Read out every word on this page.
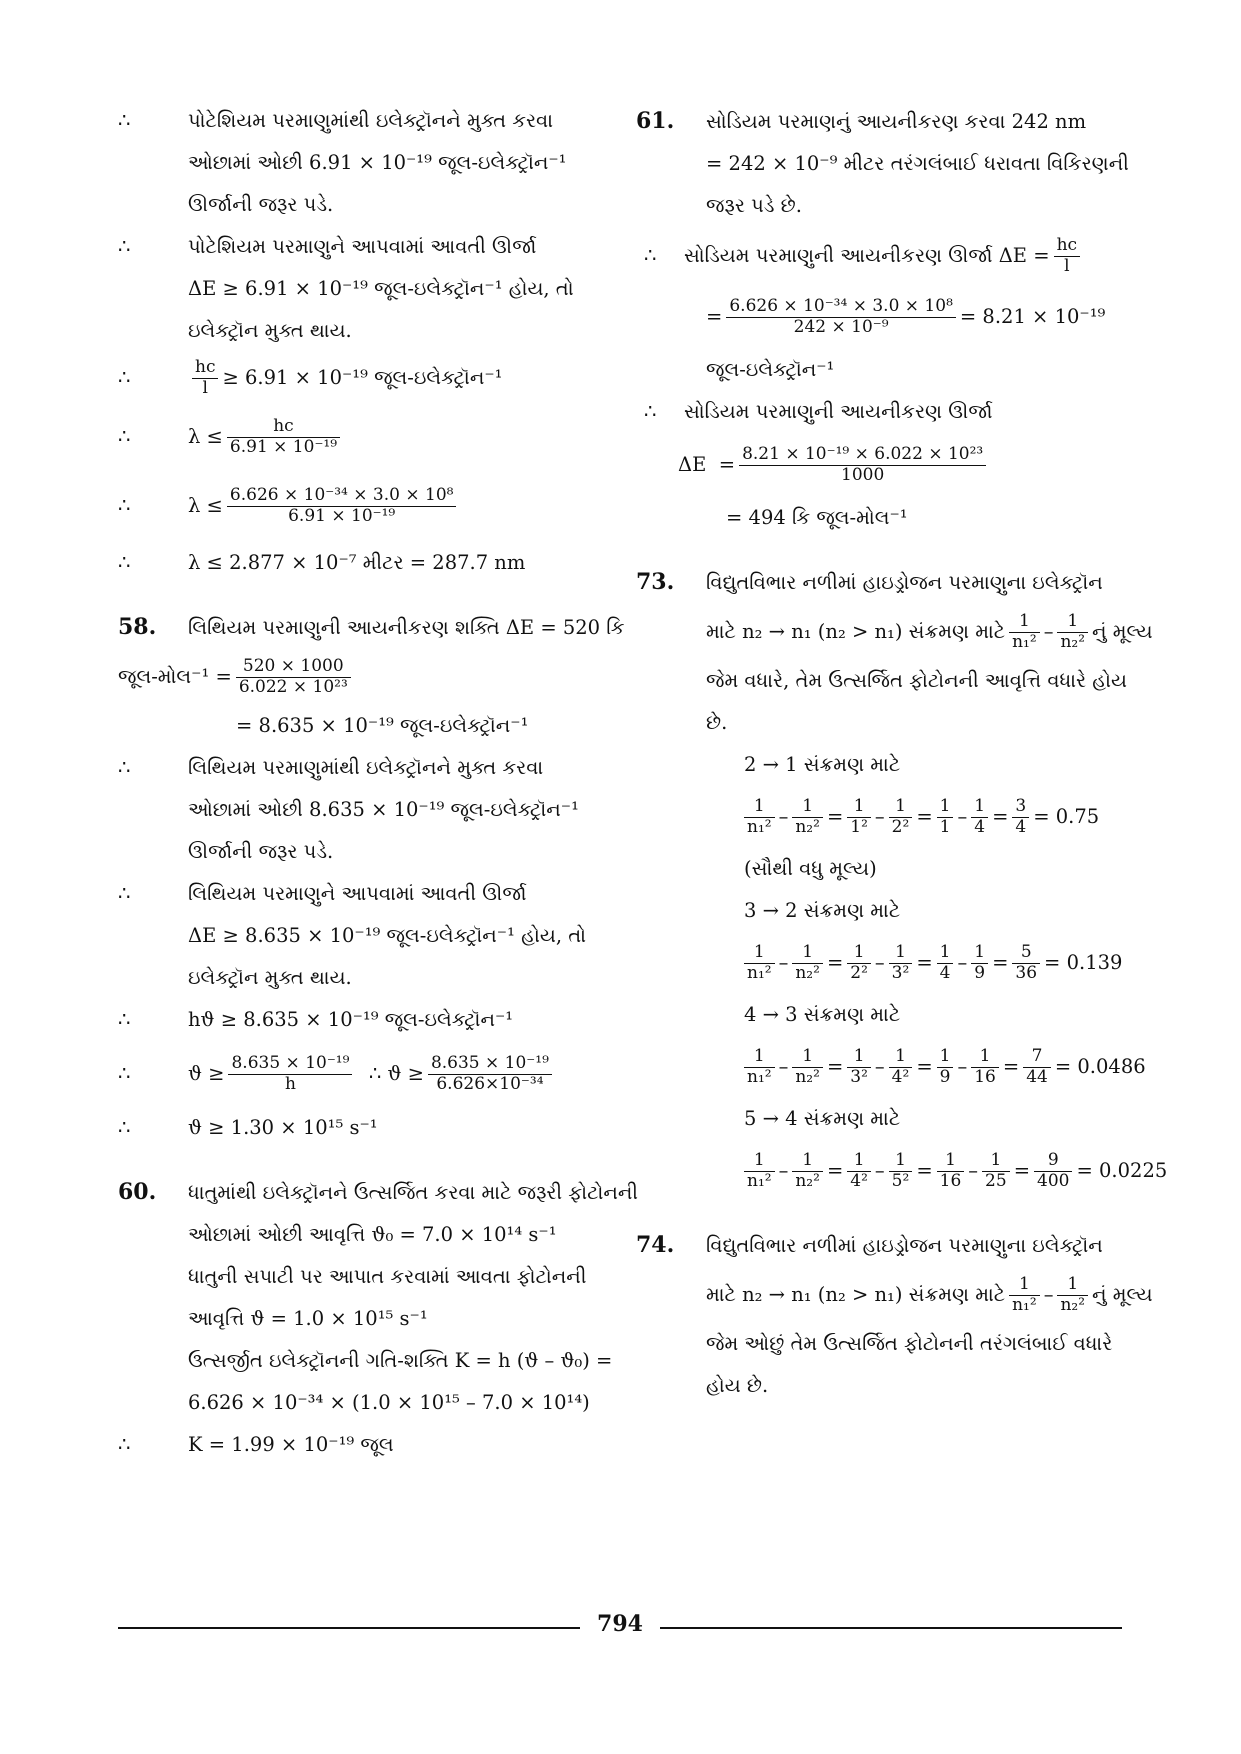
∴	પોટેશિયમ પરમાણુમાંથી ઇલેક્ટ્રૉનને મુક્ત કરવા
ઓછામાં ઓછી 6.91 × 10⁻¹⁹ જૂલ-ઇલેક્ટ્રૉન⁻¹
ઊર્જાની જરૂર પડે.
∴	પોટેશિયમ પરમાણુને આપવામાં આવતી ઊર્જા
ΔE ≥ 6.91 × 10⁻¹⁹ જૂલ-ઇલેક્ટ્રૉન⁻¹ હોય, તો
ઇલેક્ટ્રૉન મુક્ત થાય.
∴	$\frac{hc}{l} \ge 6.91 \times 10^{-19}$ જૂલ-ઇલેક્ટ્રૉન⁻¹
∴	$\lambda \le \frac{hc}{\text{6.91 × 10⁻¹⁹}}$
∴	$\lambda \le \frac{\text{6.626 × 10⁻³⁴ × 3.0 × 10⁸}}{\text{6.91 × 10⁻¹⁹}}$
∴	λ ≤ 2.877 × 10⁻⁷ મીટર = 287.7 nm
58. લિથિયમ પરમાણુની આયનીકરણ શક્તિ ΔE = 520 કિ
જૂલ-મોલ⁻¹ = $\frac{520 \times 1000}{\text{6.022 × 10²³}}$
= 8.635 × 10⁻¹⁹ જૂલ-ઇલેક્ટ્રૉન⁻¹
∴	લિથિયમ પરમાણુમાંથી ઇલેક્ટ્રૉનને મુક્ત કરવા
ઓછામાં ઓછી 8.635 × 10⁻¹⁹ જૂલ-ઇલેક્ટ્રૉન⁻¹
ઊર્જાની જરૂર પડે.
∴	લિથિયમ પરમાણુને આપવામાં આવતી ઊર્જા
ΔE ≥ 8.635 × 10⁻¹⁹ જૂલ-ઇલેક્ટ્રૉન⁻¹ હોય, તો
ઇલેક્ટ્રૉન મુક્ત થાય.
∴	hϑ ≥ 8.635 × 10⁻¹⁹ જૂલ-ઇલેક્ટ્રૉન⁻¹
∴	$ϑ \ge \frac{\text{8.635 × 10⁻¹⁹}}{h}$ ∴ $ϑ \ge \frac{\text{8.635 × 10⁻¹⁹}}{\text{6.626×10⁻³⁴}}$
∴	ϑ ≥ 1.30 × 10¹⁵ s⁻¹
60. ધાતુમાંથી ઇલેક્ટ્રૉનને ઉત્સર્જિત કરવા માટે જરૂરી ફોટોનની
ઓછામાં ઓછી આવૃત્તિ ϑ₀ = 7.0 × 10¹⁴ s⁻¹
ધાતુની સપાટી પર આપાત કરવામાં આવતા ફોટોનની
આવૃત્તિ ϑ = 1.0 × 10¹⁵ s⁻¹
ઉત્સર્જીત ઇલેક્ટ્રૉનની ગતિ-શક્તિ K = h (ϑ – ϑ₀) =
6.626 × 10⁻³⁴ × (1.0 × 10¹⁵ – 7.0 × 10¹⁴)
∴	K = 1.99 × 10⁻¹⁹ જૂલ
61. સોડિયમ પરમાણનું આયનીકરણ કરવા 242 nm
= 242 × 10⁻⁹ મીટર તરંગલંબાઈ ધરાવતા વિકિરણની
જરૂર પડે છે.
∴ સોડિયમ પરમાણુની આયનીકરણ ઊર્જા $\Delta E = \frac{hc}{l}$
= $\frac{\text{6.626 × 10⁻³⁴ × 3.0 × 10⁸}}{\text{242 × 10⁻⁹}} = 8.21 \times 10^{-19}$
જૂલ-ઇલેક્ટ્રૉન⁻¹
∴ સોડિયમ પરમાણુની આયનીકરણ ઊર્જા
$\Delta E = \frac{\text{8.21 × 10⁻¹⁹ × 6.022 × 10²³}}{1000}$
= 494 કિ જૂલ-મોલ⁻¹
73. વિદ્યુતવિભાર નળીમાં હાઇડ્રોજન પરમાણુના ઇલેક્ટ્રૉન
માટે n₂ → n₁ (n₂ > n₁) સંક્રમણ માટે $\frac{1}{\text{n₁²}} - \frac{1}{\text{n₂²}}$ નું મૂલ્ય
જેમ વધારે, તેમ ઉત્સર્જિત ફોટોનની આવૃત્તિ વધારે હોય
છે.
2 → 1 સંક્રમણ માટે
$\frac{1}{\text{n₁²}} - \frac{1}{\text{n₂²}} = \frac{1}{\text{1²}} - \frac{1}{\text{2²}} = \frac{1}{1} - \frac{1}{4} = \frac{3}{4} = 0.75$
(સૌથી વધુ મૂલ્ય)
3 → 2 સંક્રમણ માટે
$\frac{1}{\text{n₁²}} - \frac{1}{\text{n₂²}} = \frac{1}{\text{2²}} - \frac{1}{\text{3²}} = \frac{1}{4} - \frac{1}{9} = \frac{5}{36} = 0.139$
4 → 3 સંક્રમણ માટે
$\frac{1}{\text{n₁²}} - \frac{1}{\text{n₂²}} = \frac{1}{\text{3²}} - \frac{1}{\text{4²}} = \frac{1}{9} - \frac{1}{16} = \frac{7}{44} = 0.0486$
5 → 4 સંક્રમણ માટે
$\frac{1}{\text{n₁²}} - \frac{1}{\text{n₂²}} = \frac{1}{\text{4²}} - \frac{1}{\text{5²}} = \frac{1}{16} - \frac{1}{25} = \frac{9}{400} = 0.0225$
74. વિદ્યુતવિભાર નળીમાં હાઇડ્રોજન પરમાણુના ઇલેક્ટ્રૉન
માટે n₂ → n₁ (n₂ > n₁) સંક્રમણ માટે $\frac{1}{\text{n₁²}} - \frac{1}{\text{n₂²}}$ નું મૂલ્ય
જેમ ઓછું તેમ ઉત્સર્જિત ફોટોનની તરંગલંબાઈ વધારે
હોય છે.
794
